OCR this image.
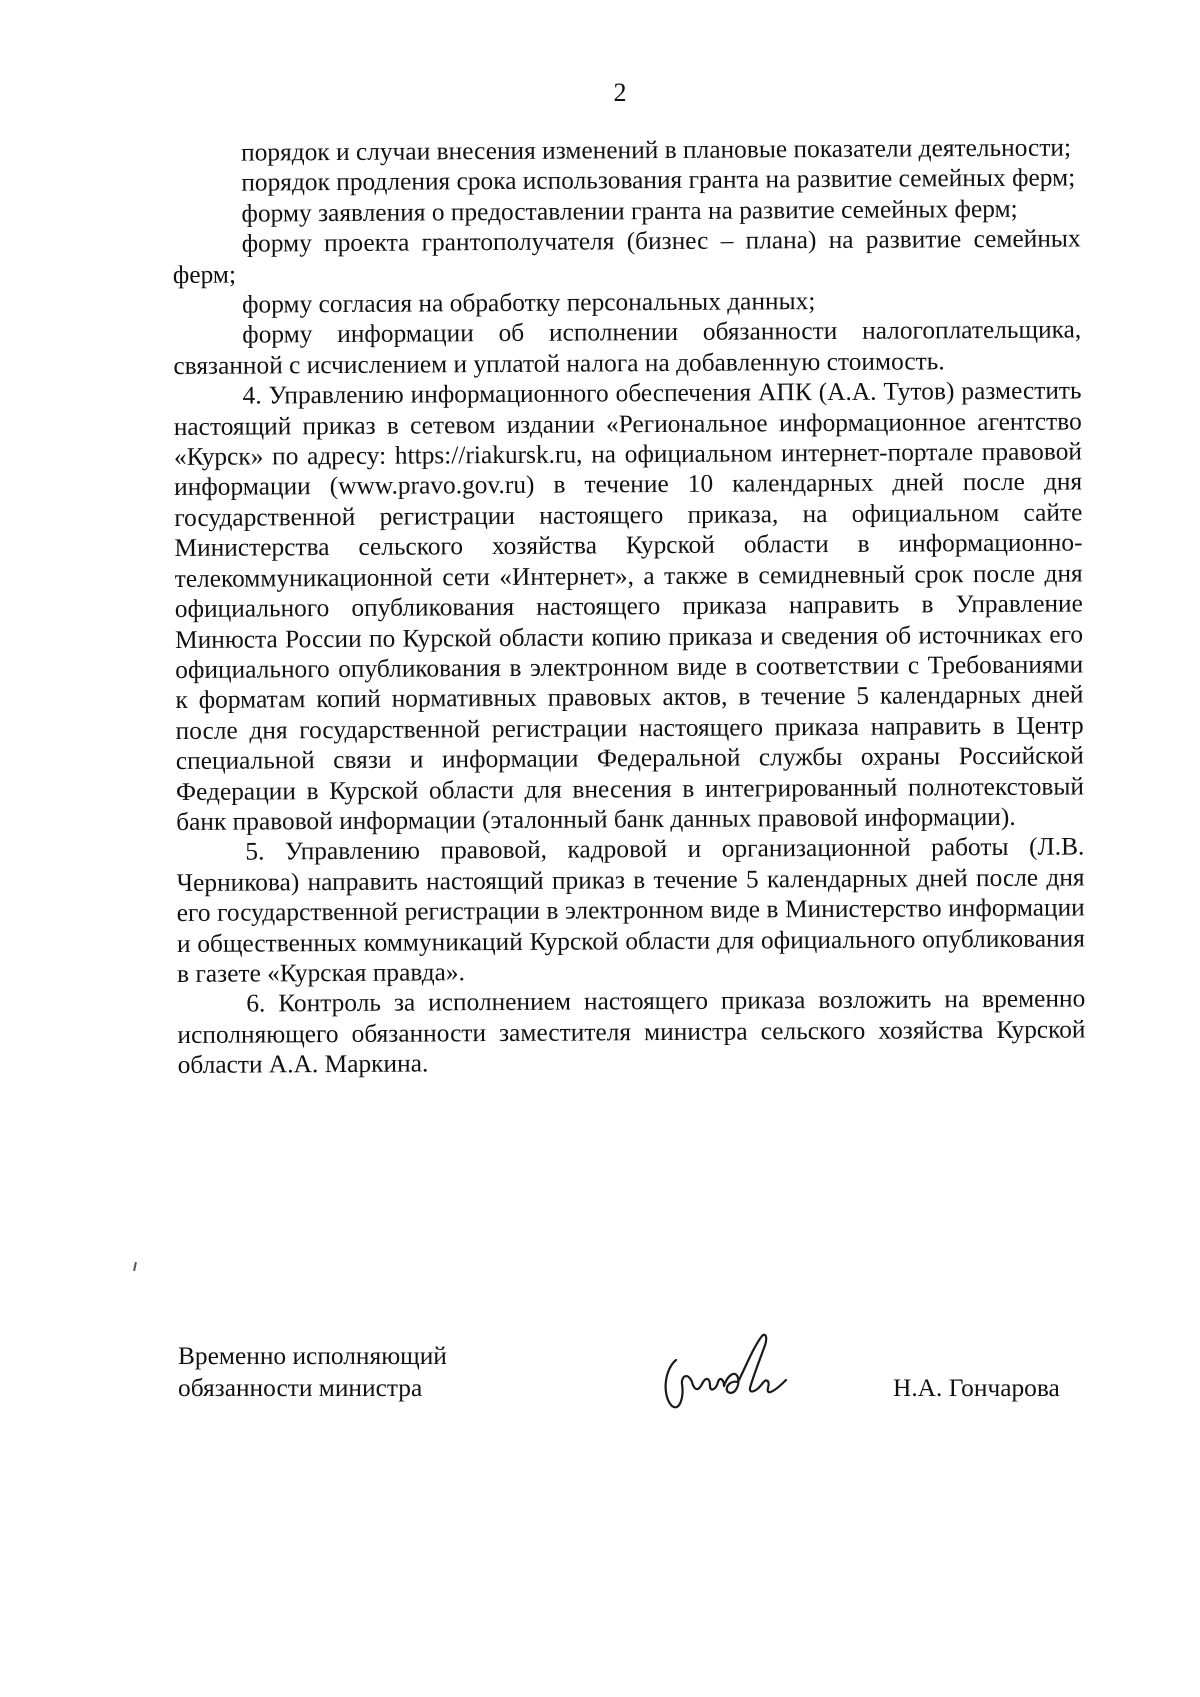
2

порядок и случаи внесения изменений в плановые показатели деятельности;

порядок продления срока использования гранта на развитие семейных ферм;

форму заявления о предоставлении гранта на развитие семейных ферм;

форму проекта грантополучателя (бизнес – плана) на развитие семейных ферм;

форму согласия на обработку персональных данных;

форму информации об исполнении обязанности налогоплательщика, связанной с исчислением и уплатой налога на добавленную стоимость.

4. Управлению информационного обеспечения АПК (А.А. Тутов) разместить настоящий приказ в сетевом издании «Региональное информационное агентство «Курск» по адресу: https://riakursk.ru, на официальном интернет-портале правовой информации (www.pravo.gov.ru) в течение 10 календарных дней после дня государственной регистрации настоящего приказа, на официальном сайте Министерства сельского хозяйства Курской области в информационно-телекоммуникационной сети «Интернет», а также в семидневный срок после дня официального опубликования настоящего приказа направить в Управление Минюста России по Курской области копию приказа и сведения об источниках его официального опубликования в электронном виде в соответствии с Требованиями к форматам копий нормативных правовых актов, в течение 5 календарных дней после дня государственной регистрации настоящего приказа направить в Центр специальной связи и информации Федеральной службы охраны Российской Федерации в Курской области для внесения в интегрированный полнотекстовый банк правовой информации (эталонный банк данных правовой информации).

5. Управлению правовой, кадровой и организационной работы (Л.В. Черникова) направить настоящий приказ в течение 5 календарных дней после дня его государственной регистрации в электронном виде в Министерство информации и общественных коммуникаций Курской области для официального опубликования в газете «Курская правда».

6. Контроль за исполнением настоящего приказа возложить на временно исполняющего обязанности заместителя министра сельского хозяйства Курской области А.А. Маркина.

Временно исполняющий
обязанности министра	Н.А. Гончарова
